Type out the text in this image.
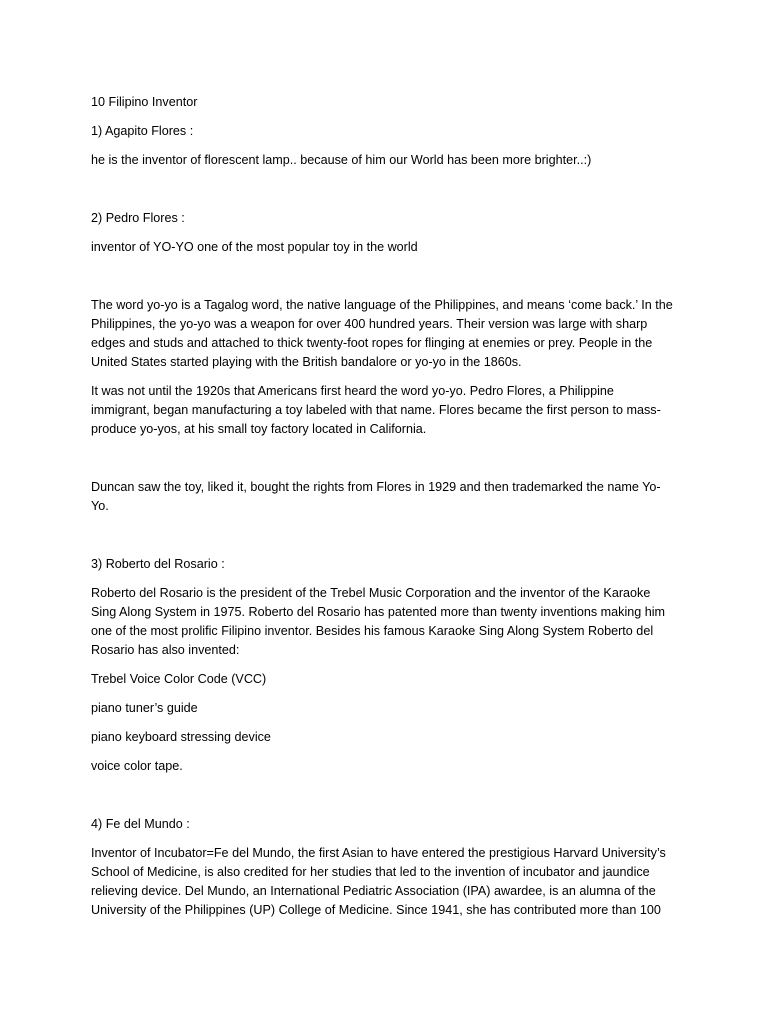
10 Filipino Inventor

1) Agapito Flores :

he is the inventor of florescent lamp.. because of him our World has been more brighter..:)

2) Pedro Flores :

inventor of YO-YO one of the most popular toy in the world

The word yo-yo is a Tagalog word, the native language of the Philippines, and means ‘come back.’ In the

Philippines, the yo-yo was a weapon for over 400 hundred years. Their version was large with sharp

edges and studs and attached to thick twenty-foot ropes for flinging at enemies or prey. People in the

United States started playing with the British bandalore or yo-yo in the 1860s.

It was not until the 1920s that Americans first heard the word yo-yo. Pedro Flores, a Philippine

immigrant, began manufacturing a toy labeled with that name. Flores became the first person to mass-

produce yo-yos, at his small toy factory located in California.

Duncan saw the toy, liked it, bought the rights from Flores in 1929 and then trademarked the name Yo-

Yo.

3) Roberto del Rosario :

Roberto del Rosario is the president of the Trebel Music Corporation and the inventor of the Karaoke

Sing Along System in 1975. Roberto del Rosario has patented more than twenty inventions making him

one of the most prolific Filipino inventor. Besides his famous Karaoke Sing Along System Roberto del

Rosario has also invented:

Trebel Voice Color Code (VCC)

piano tuner’s guide

piano keyboard stressing device

voice color tape.

4) Fe del Mundo :

Inventor of Incubator=Fe del Mundo, the first Asian to have entered the prestigious Harvard University’s

School of Medicine, is also credited for her studies that led to the invention of incubator and jaundice

relieving device. Del Mundo, an International Pediatric Association (IPA) awardee, is an alumna of the

University of the Philippines (UP) College of Medicine. Since 1941, she has contributed more than 100
